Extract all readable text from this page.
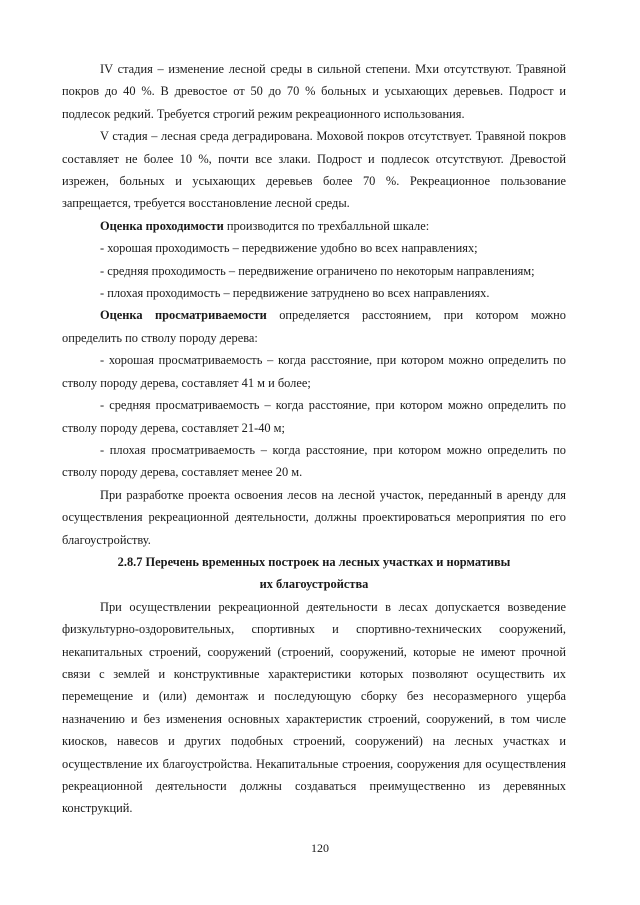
IV стадия – изменение лесной среды в сильной степени. Мхи отсутствуют. Травяной покров до 40 %. В древостое от 50 до 70 % больных и усыхающих деревьев. Подрост и подлесок редкий. Требуется строгий режим рекреационного использования.

V стадия – лесная среда деградирована. Моховой покров отсутствует. Травяной покров составляет не более 10 %, почти все злаки. Подрост и подлесок отсутствуют. Древостой изрежен, больных и усыхающих деревьев более 70 %. Рекреационное пользование запрещается, требуется восстановление лесной среды.

Оценка проходимости производится по трехбалльной шкале:

- хорошая проходимость – передвижение удобно во всех направлениях;

- средняя проходимость – передвижение ограничено по некоторым направлениям;

- плохая проходимость – передвижение затруднено во всех направлениях.

Оценка просматриваемости определяется расстоянием, при котором можно определить по стволу породу дерева:

- хорошая просматриваемость – когда расстояние, при котором можно определить по стволу породу дерева, составляет 41 м и более;

- средняя просматриваемость – когда расстояние, при котором можно определить по стволу породу дерева, составляет 21-40 м;

- плохая просматриваемость – когда расстояние, при котором можно определить по стволу породу дерева, составляет менее 20 м.

При разработке проекта освоения лесов на лесной участок, переданный в аренду для осуществления рекреационной деятельности, должны проектироваться мероприятия по его благоустройству.

2.8.7 Перечень временных построек на лесных участках и нормативы

их благоустройства

При осуществлении рекреационной деятельности в лесах допускается возведение физкультурно-оздоровительных, спортивных и спортивно-технических сооружений, некапитальных строений, сооружений (строений, сооружений, которые не имеют прочной связи с землей и конструктивные характеристики которых позволяют осуществить их перемещение и (или) демонтаж и последующую сборку без несоразмерного ущерба назначению и без изменения основных характеристик строений, сооружений, в том числе киосков, навесов и других подобных строений, сооружений) на лесных участках и осуществление их благоустройства. Некапитальные строения, сооружения для осуществления рекреационной деятельности должны создаваться преимущественно из деревянных конструкций.

120
